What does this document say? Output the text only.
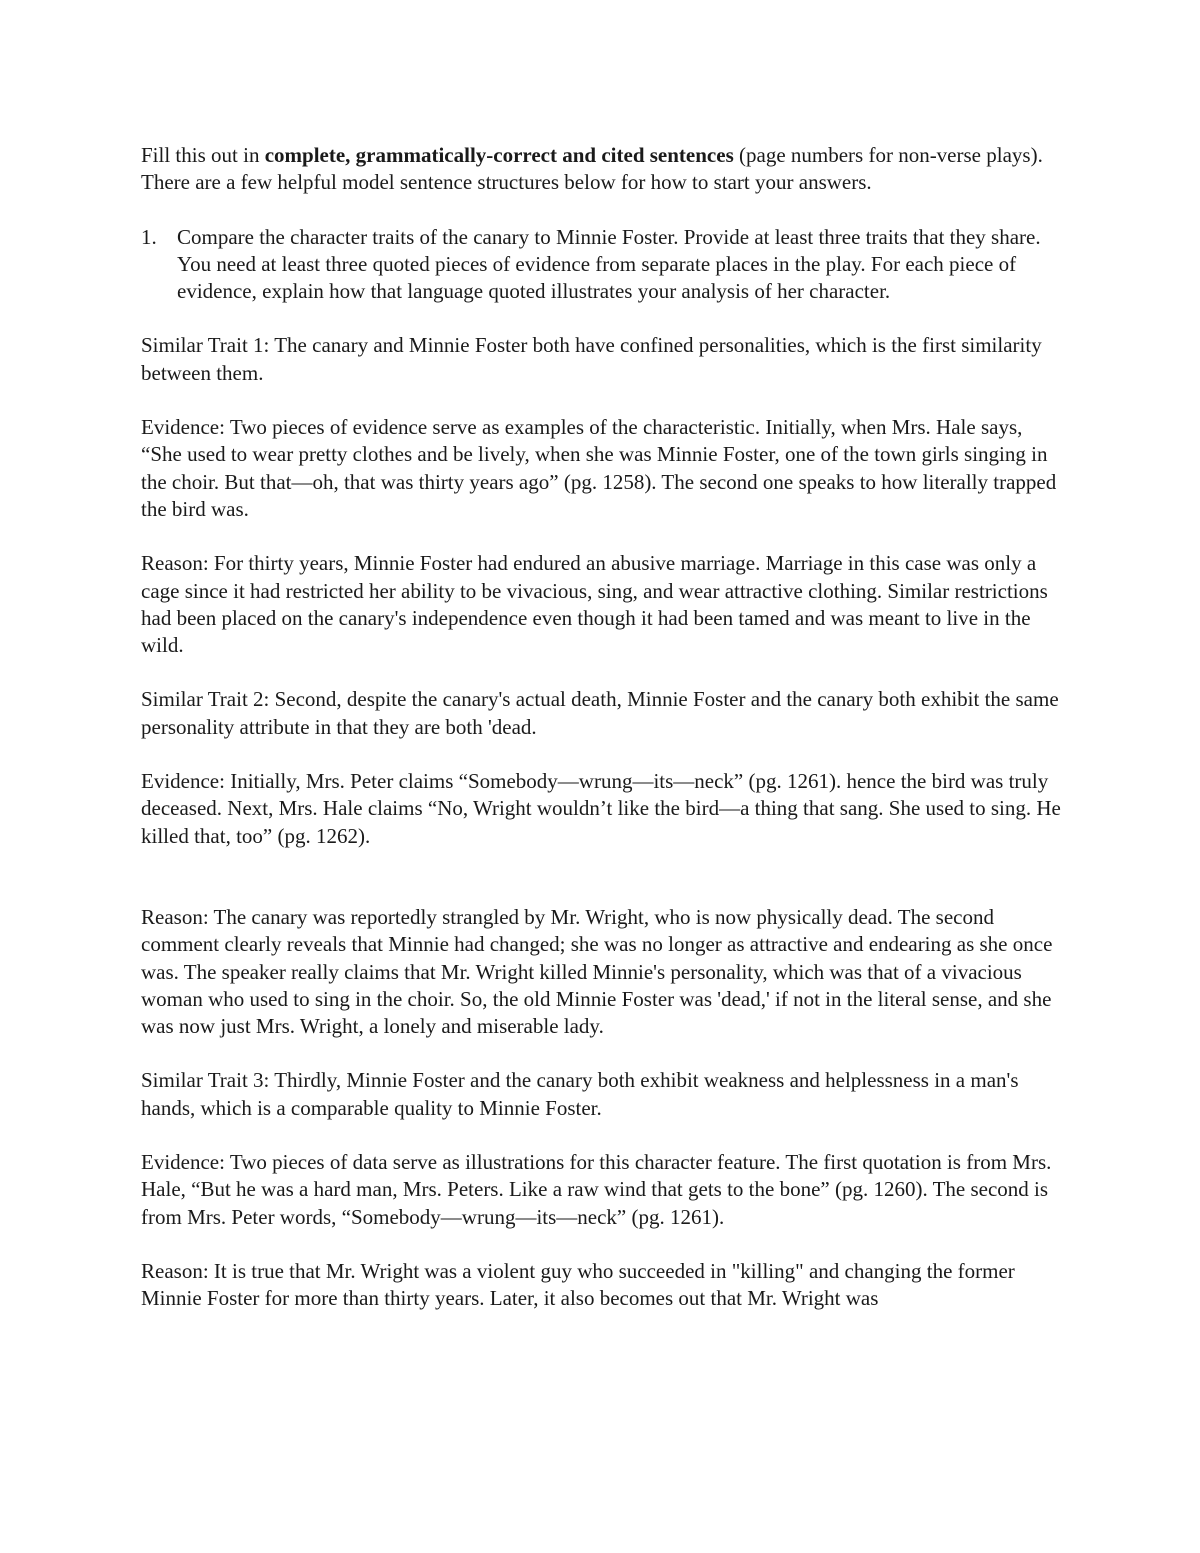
Fill this out in complete, grammatically-correct and cited sentences (page numbers for non-verse plays). There are a few helpful model sentence structures below for how to start your answers.

1. Compare the character traits of the canary to Minnie Foster. Provide at least three traits that they share. You need at least three quoted pieces of evidence from separate places in the play. For each piece of evidence, explain how that language quoted illustrates your analysis of her character.

Similar Trait 1: The canary and Minnie Foster both have confined personalities, which is the first similarity between them.

Evidence: Two pieces of evidence serve as examples of the characteristic. Initially, when Mrs. Hale says, “She used to wear pretty clothes and be lively, when she was Minnie Foster, one of the town girls singing in the choir. But that—oh, that was thirty years ago” (pg. 1258). The second one speaks to how literally trapped the bird was.

Reason: For thirty years, Minnie Foster had endured an abusive marriage. Marriage in this case was only a cage since it had restricted her ability to be vivacious, sing, and wear attractive clothing. Similar restrictions had been placed on the canary's independence even though it had been tamed and was meant to live in the wild.

Similar Trait 2: Second, despite the canary's actual death, Minnie Foster and the canary both exhibit the same personality attribute in that they are both 'dead.

Evidence: Initially, Mrs. Peter claims “Somebody—wrung—its—neck” (pg. 1261). hence the bird was truly deceased. Next, Mrs. Hale claims “No, Wright wouldn’t like the bird—a thing that sang. She used to sing. He killed that, too” (pg. 1262).

Reason: The canary was reportedly strangled by Mr. Wright, who is now physically dead. The second comment clearly reveals that Minnie had changed; she was no longer as attractive and endearing as she once was. The speaker really claims that Mr. Wright killed Minnie's personality, which was that of a vivacious woman who used to sing in the choir. So, the old Minnie Foster was 'dead,' if not in the literal sense, and she was now just Mrs. Wright, a lonely and miserable lady.

Similar Trait 3: Thirdly, Minnie Foster and the canary both exhibit weakness and helplessness in a man's hands, which is a comparable quality to Minnie Foster.

Evidence: Two pieces of data serve as illustrations for this character feature. The first quotation is from Mrs. Hale, “But he was a hard man, Mrs. Peters. Like a raw wind that gets to the bone” (pg. 1260). The second is from Mrs. Peter words, “Somebody—wrung—its—neck” (pg. 1261).

Reason: It is true that Mr. Wright was a violent guy who succeeded in "killing" and changing the former Minnie Foster for more than thirty years. Later, it also becomes out that Mr. Wright was
